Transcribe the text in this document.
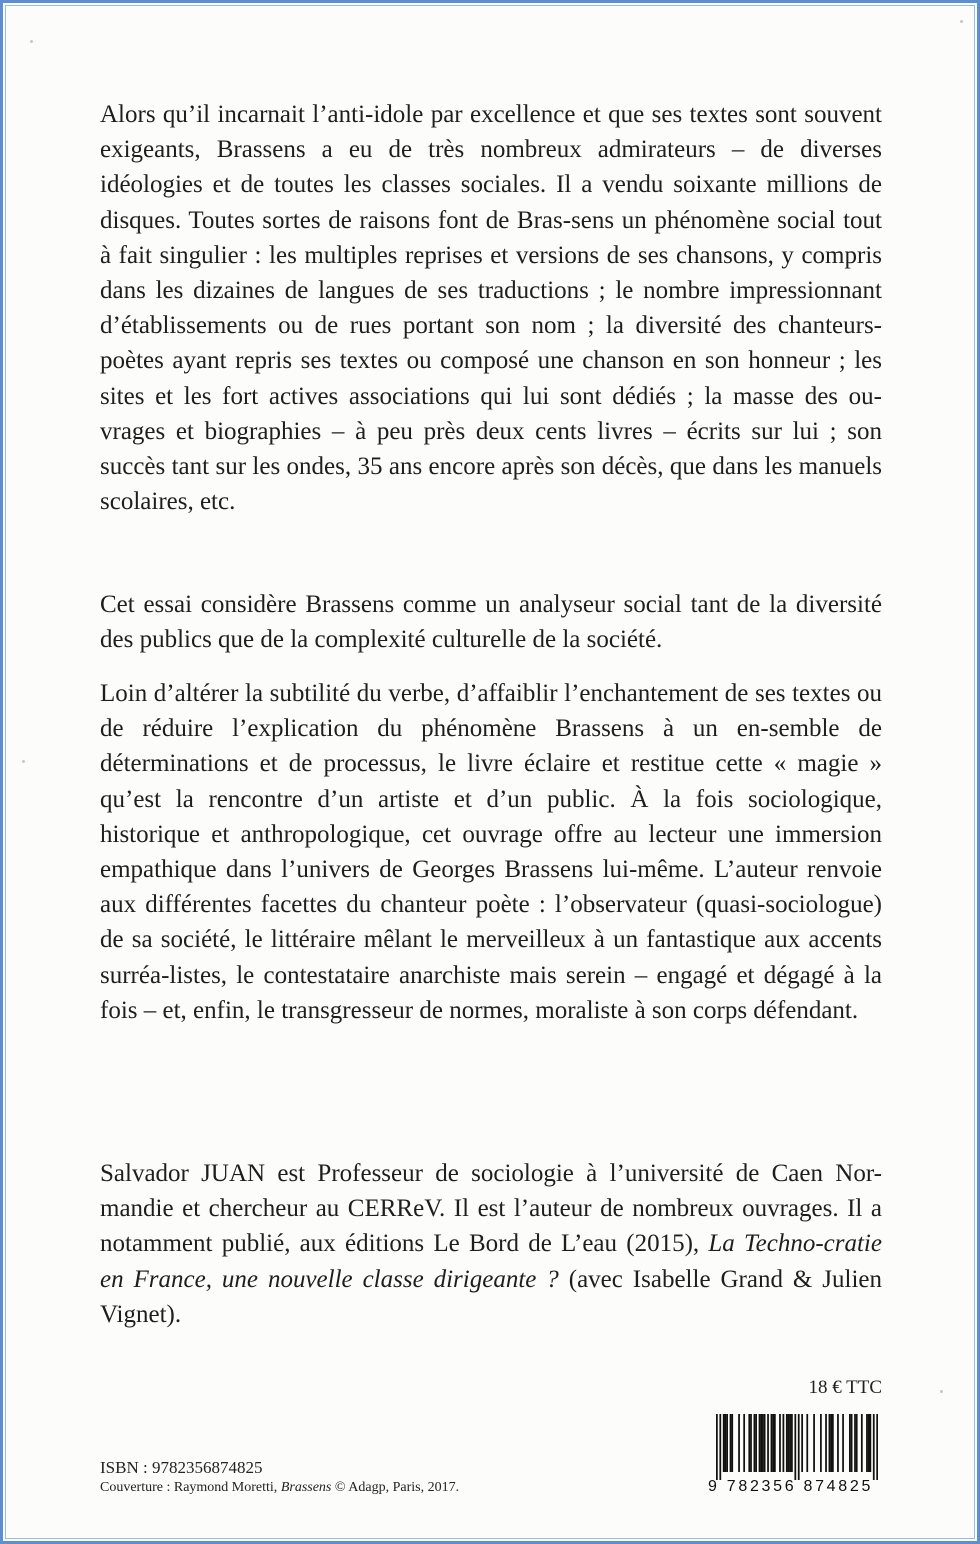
Alors qu’il incarnait l’anti-idole par excellence et que ses textes sont souvent exigeants, Brassens a eu de très nombreux admirateurs – de diverses idéologies et de toutes les classes sociales. Il a vendu soixante millions de disques. Toutes sortes de raisons font de Bras-sens un phénomène social tout à fait singulier : les multiples reprises et versions de ses chansons, y compris dans les dizaines de langues de ses traductions ; le nombre impressionnant d’établissements ou de rues portant son nom ; la diversité des chanteurs-poètes ayant repris ses textes ou composé une chanson en son honneur ; les sites et les fort actives associations qui lui sont dédiés ; la masse des ou-vrages et biographies – à peu près deux cents livres – écrits sur lui ; son succès tant sur les ondes, 35 ans encore après son décès, que dans les manuels scolaires, etc.

Cet essai considère Brassens comme un analyseur social tant de la diversité des publics que de la complexité culturelle de la société.

Loin d’altérer la subtilité du verbe, d’affaiblir l’enchantement de ses textes ou de réduire l’explication du phénomène Brassens à un en-semble de déterminations et de processus, le livre éclaire et restitue cette « magie » qu’est la rencontre d’un artiste et d’un public. À la fois sociologique, historique et anthropologique, cet ouvrage offre au lecteur une immersion empathique dans l’univers de Georges Brassens lui-même. L’auteur renvoie aux différentes facettes du chanteur poète : l’observateur (quasi-sociologue) de sa société, le littéraire mêlant le merveilleux à un fantastique aux accents surréa-listes, le contestataire anarchiste mais serein – engagé et dégagé à la fois – et, enfin, le transgresseur de normes, moraliste à son corps défendant.

Salvador JUAN est Professeur de sociologie à l’université de Caen Nor-mandie et chercheur au CERReV. Il est l’auteur de nombreux ouvrages. Il a notamment publié, aux éditions Le Bord de L’eau (2015), La Techno-cratie en France, une nouvelle classe dirigeante ? (avec Isabelle Grand & Julien Vignet).

18 € TTC
9 782356 874825
ISBN : 9782356874825
Couverture : Raymond Moretti, Brassens © Adagp, Paris, 2017.
